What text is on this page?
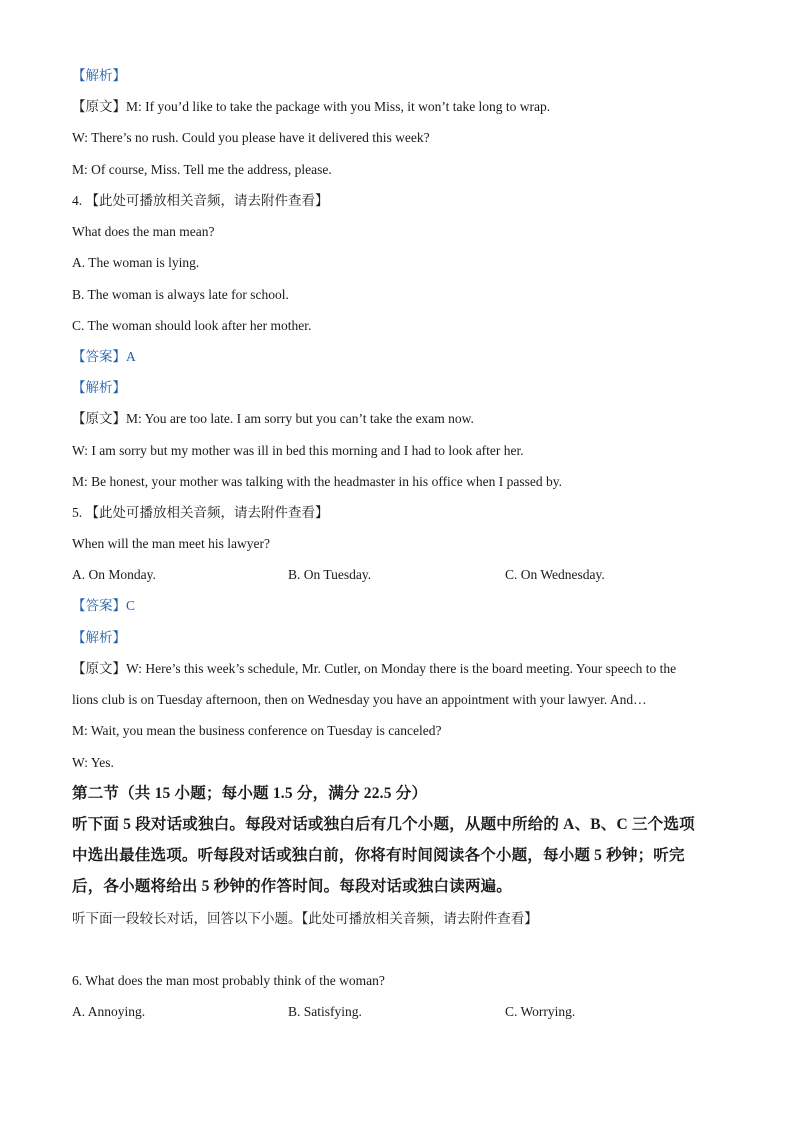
【解析】
【原文】M: If you’d like to take the package with you Miss, it won’t take long to wrap.
W: There’s no rush. Could you please have it delivered this week?
M: Of course, Miss. Tell me the address, please.
4. 【此处可播放相关音频，请去附件查看】
What does the man mean?
A. The woman is lying.
B. The woman is always late for school.
C. The woman should look after her mother.
【答案】A
【解析】
【原文】M: You are too late. I am sorry but you can’t take the exam now.
W: I am sorry but my mother was ill in bed this morning and I had to look after her.
M: Be honest, your mother was talking with the headmaster in his office when I passed by.
5. 【此处可播放相关音频，请去附件查看】
When will the man meet his lawyer?
A. On Monday.	B. On Tuesday.	C. On Wednesday.
【答案】C
【解析】
【原文】W: Here’s this week’s schedule, Mr. Cutler, on Monday there is the board meeting. Your speech to the
lions club is on Tuesday afternoon, then on Wednesday you have an appointment with your lawyer. And…
M: Wait, you mean the business conference on Tuesday is canceled?
W: Yes.
第二节（共 15 小题；每小题 1.5 分，满分 22.5 分）
听下面 5 段对话或独白。每段对话或独白后有几个小题，从题中所给的 A、B、C 三个选项
中选出最佳选项。听每段对话或独白前，你将有时间阅读各个小题，每小题 5 秒钟；听完
后，各小题将给出 5 秒钟的作答时间。每段对话或独白读两遍。
听下面一段较长对话，回答以下小题。【此处可播放相关音频，请去附件查看】
6. What does the man most probably think of the woman?
A. Annoying.	B. Satisfying.	C. Worrying.
